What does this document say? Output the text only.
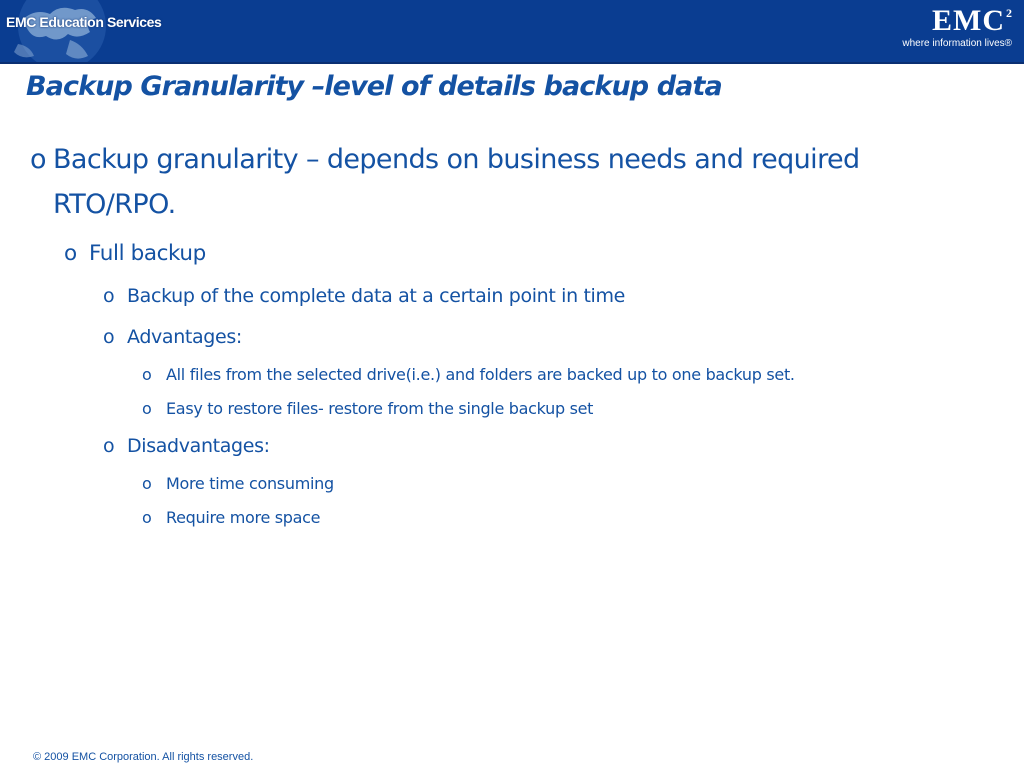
EMC Education Services	EMC2
where information lives®
Backup Granularity –level of details backup data
o Backup granularity – depends on business needs and required
RTO/RPO.
o Full backup
o Backup of the complete data at a certain point in time
o Advantages:
o All files from the selected drive(i.e.) and folders are backed up to one backup set.
o Easy to restore files- restore from the single backup set
o Disadvantages:
o More time consuming
o Require more space
© 2009 EMC Corporation. All rights reserved.
